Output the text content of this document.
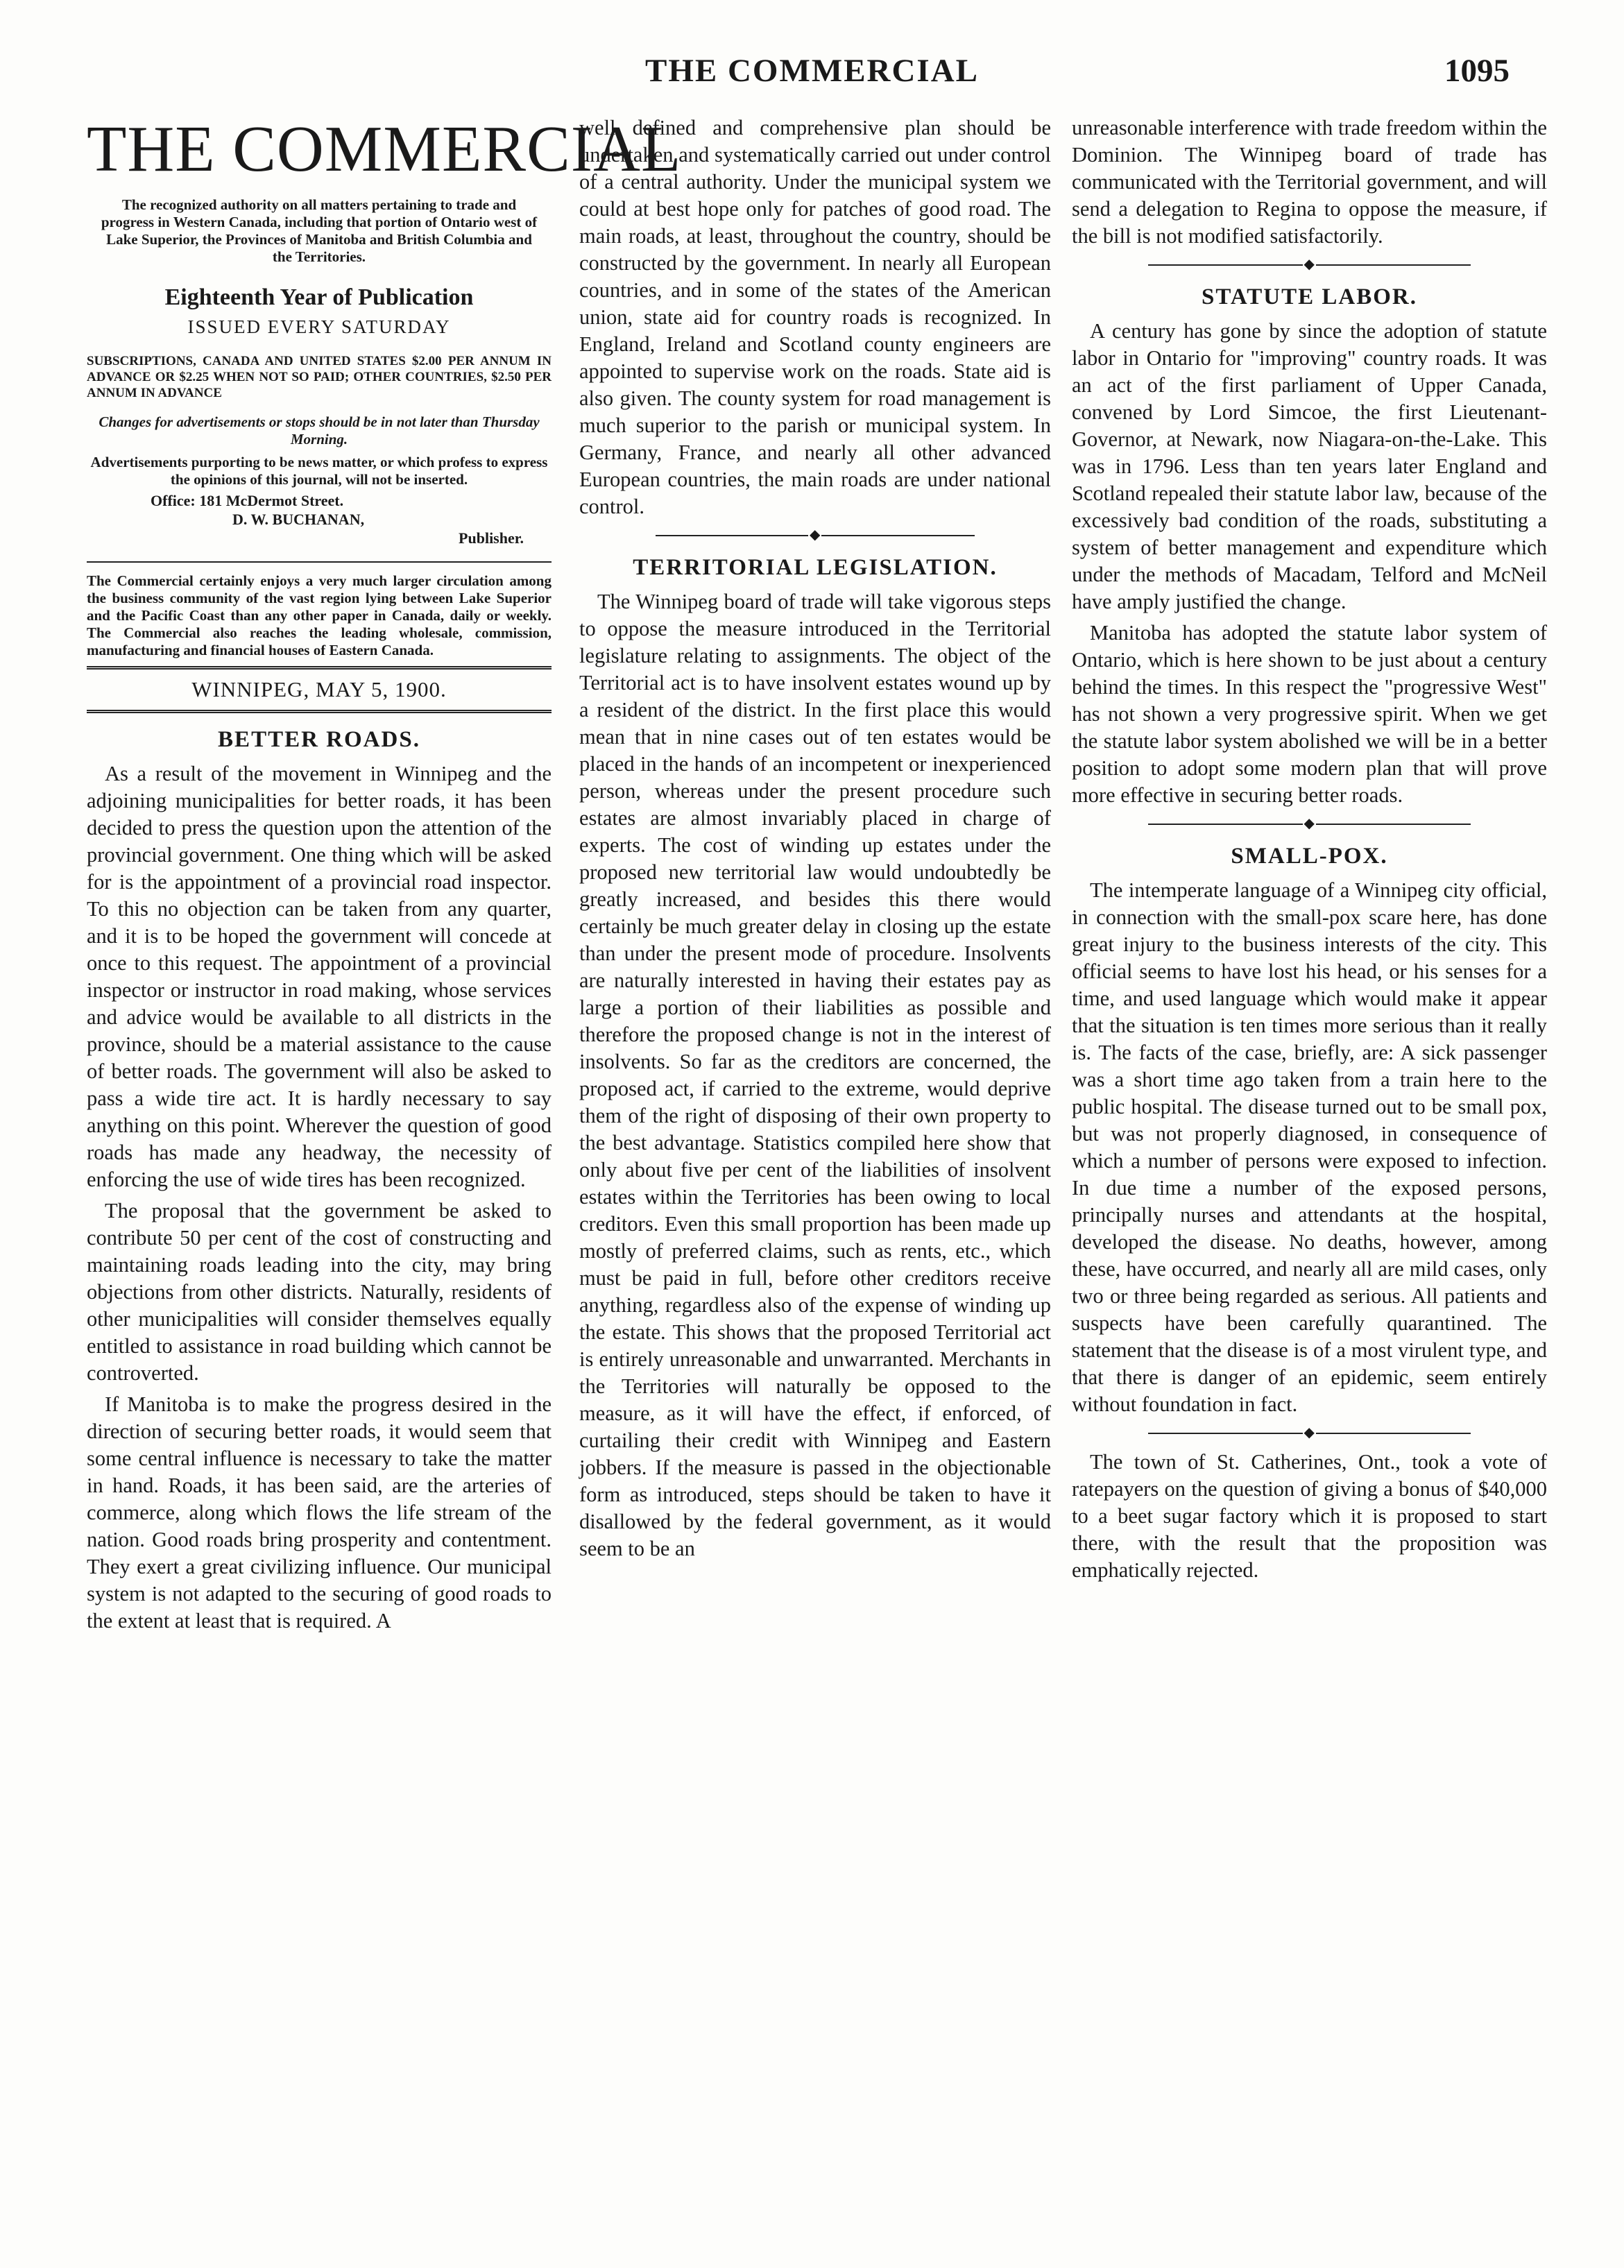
THE COMMERCIAL	1095
THE COMMERCIAL
The recognized authority on all matters pertaining to trade and progress in Western Canada, including that portion of Ontario west of Lake Superior, the Provinces of Manitoba and British Columbia and the Territories.
Eighteenth Year of Publication
ISSUED EVERY SATURDAY
SUBSCRIPTIONS, CANADA AND UNITED STATES $2.00 PER ANNUM IN ADVANCE OR $2.25 WHEN NOT SO PAID; OTHER COUNTRIES, $2.50 PER ANNUM IN ADVANCE
Changes for advertisements or stops should be in not later than Thursday Morning.
Advertisements purporting to be news matter, or which profess to express the opinions of this journal, will not be inserted.
Office: 181 McDermot Street.
D. W. BUCHANAN,
Publisher.
The Commercial certainly enjoys a very much larger circulation among the business community of the vast region lying between Lake Superior and the Pacific Coast than any other paper in Canada, daily or weekly. The Commercial also reaches the leading wholesale, commission, manufacturing and financial houses of Eastern Canada.
WINNIPEG, MAY 5, 1900.
BETTER ROADS.

As a result of the movement in Winnipeg and the adjoining municipalities for better roads, it has been decided to press the question upon the attention of the provincial government. One thing which will be asked for is the appointment of a provincial road inspector. To this no objection can be taken from any quarter, and it is to be hoped the government will concede at once to this request. The appointment of a provincial inspector or instructor in road making, whose services and advice would be available to all districts in the province, should be a material assistance to the cause of better roads. The government will also be asked to pass a wide tire act. It is hardly necessary to say anything on this point. Wherever the question of good roads has made any headway, the necessity of enforcing the use of wide tires has been recognized.

The proposal that the government be asked to contribute 50 per cent of the cost of constructing and maintaining roads leading into the city, may bring objections from other districts. Naturally, residents of other municipalities will consider themselves equally entitled to assistance in road building which cannot be controverted.

If Manitoba is to make the progress desired in the direction of securing better roads, it would seem that some central influence is necessary to take the matter in hand. Roads, it has been said, are the arteries of commerce, along which flows the life stream of the nation. Good roads bring prosperity and contentment. They exert a great civilizing influence. Our municipal system is not adapted to the securing of good roads to the extent at least that is required. A

well defined and comprehensive plan should be undertaken and systematically carried out under control of a central authority. Under the municipal system we could at best hope only for patches of good road. The main roads, at least, throughout the country, should be constructed by the government. In nearly all European countries, and in some of the states of the American union, state aid for country roads is recognized. In England, Ireland and Scotland county engineers are appointed to supervise work on the roads. State aid is also given. The county system for road management is much superior to the parish or municipal system. In Germany, France, and nearly all other advanced European countries, the main roads are under national control.

◆
TERRITORIAL LEGISLATION.

The Winnipeg board of trade will take vigorous steps to oppose the measure introduced in the Territorial legislature relating to assignments. The object of the Territorial act is to have insolvent estates wound up by a resident of the district. In the first place this would mean that in nine cases out of ten estates would be placed in the hands of an incompetent or inexperienced person, whereas under the present procedure such estates are almost invariably placed in charge of experts. The cost of winding up estates under the proposed new territorial law would undoubtedly be greatly increased, and besides this there would certainly be much greater delay in closing up the estate than under the present mode of procedure. Insolvents are naturally interested in having their estates pay as large a portion of their liabilities as possible and therefore the proposed change is not in the interest of insolvents. So far as the creditors are concerned, the proposed act, if carried to the extreme, would deprive them of the right of disposing of their own property to the best advantage. Statistics compiled here show that only about five per cent of the liabilities of insolvent estates within the Territories has been owing to local creditors. Even this small proportion has been made up mostly of preferred claims, such as rents, etc., which must be paid in full, before other creditors receive anything, regardless also of the expense of winding up the estate. This shows that the proposed Territorial act is entirely unreasonable and unwarranted. Merchants in the Territories will naturally be opposed to the measure, as it will have the effect, if enforced, of curtailing their credit with Winnipeg and Eastern jobbers. If the measure is passed in the objectionable form as introduced, steps should be taken to have it disallowed by the federal government, as it would seem to be an

unreasonable interference with trade freedom within the Dominion. The Winnipeg board of trade has communicated with the Territorial government, and will send a delegation to Regina to oppose the measure, if the bill is not modified satisfactorily.

◆
STATUTE LABOR.

A century has gone by since the adoption of statute labor in Ontario for "improving" country roads. It was an act of the first parliament of Upper Canada, convened by Lord Simcoe, the first Lieutenant-Governor, at Newark, now Niagara-on-the-Lake. This was in 1796. Less than ten years later England and Scotland repealed their statute labor law, because of the excessively bad condition of the roads, substituting a system of better management and expenditure which under the methods of Macadam, Telford and McNeil have amply justified the change.

Manitoba has adopted the statute labor system of Ontario, which is here shown to be just about a century behind the times. In this respect the "progressive West" has not shown a very progressive spirit. When we get the statute labor system abolished we will be in a better position to adopt some modern plan that will prove more effective in securing better roads.

◆
SMALL-POX.

The intemperate language of a Winnipeg city official, in connection with the small-pox scare here, has done great injury to the business interests of the city. This official seems to have lost his head, or his senses for a time, and used language which would make it appear that the situation is ten times more serious than it really is. The facts of the case, briefly, are: A sick passenger was a short time ago taken from a train here to the public hospital. The disease turned out to be small pox, but was not properly diagnosed, in consequence of which a number of persons were exposed to infection. In due time a number of the exposed persons, principally nurses and attendants at the hospital, developed the disease. No deaths, however, among these, have occurred, and nearly all are mild cases, only two or three being regarded as serious. All patients and suspects have been carefully quarantined. The statement that the disease is of a most virulent type, and that there is danger of an epidemic, seem entirely without foundation in fact.

◆

The town of St. Catherines, Ont., took a vote of ratepayers on the question of giving a bonus of $40,000 to a beet sugar factory which it is proposed to start there, with the result that the proposition was emphatically rejected.
